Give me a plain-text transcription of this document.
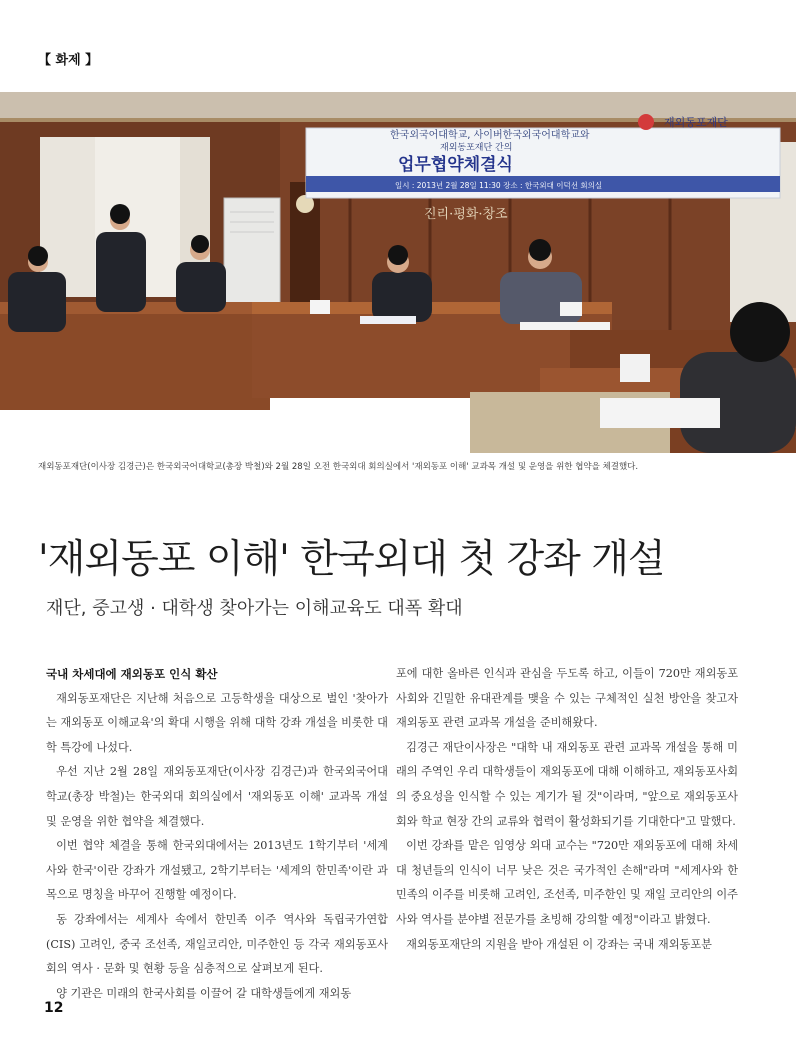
【 화제 】
한국외국어대학교, 사이버한국외국어대학교와
재외동포재단 간의
업무협약체결식
일시 : 2013년 2월 28일 11:30 장소 : 한국외대 이덕선 회의실
재외동포재단
진리·평화·창조
재외동포재단(이사장 김경근)은 한국외국어대학교(총장 박철)와 2월 28일 오전 한국외대 회의실에서 '재외동포 이해' 교과목 개설 및 운영을 위한 협약을 체결했다.
'재외동포 이해' 한국외대 첫 강좌 개설
재단, 중고생 · 대학생 찾아가는 이해교육도 대폭 확대

국내 차세대에 재외동포 인식 확산

재외동포재단은 지난해 처음으로 고등학생을 대상으로 벌인 '찾아가는 재외동포 이해교육'의 확대 시행을 위해 대학 강좌 개설을 비롯한 대학 특강에 나섰다.

우선 지난 2월 28일 재외동포재단(이사장 김경근)과 한국외국어대학교(총장 박철)는 한국외대 회의실에서 '재외동포 이해' 교과목 개설 및 운영을 위한 협약을 체결했다.

이번 협약 체결을 통해 한국외대에서는 2013년도 1학기부터 '세계사와 한국'이란 강좌가 개설됐고, 2학기부터는 '세계의 한민족'이란 과목으로 명칭을 바꾸어 진행할 예정이다.

동 강좌에서는 세계사 속에서 한민족 이주 역사와 독립국가연합(CIS) 고려인, 중국 조선족, 재일코리안, 미주한인 등 각국 재외동포사회의 역사 · 문화 및 현황 등을 심층적으로 살펴보게 된다.

양 기관은 미래의 한국사회를 이끌어 갈 대학생들에게 재외동

포에 대한 올바른 인식과 관심을 두도록 하고, 이들이 720만 재외동포사회와 긴밀한 유대관계를 맺을 수 있는 구체적인 실천 방안을 찾고자 재외동포 관련 교과목 개설을 준비해왔다.

김경근 재단이사장은 "대학 내 재외동포 관련 교과목 개설을 통해 미래의 주역인 우리 대학생들이 재외동포에 대해 이해하고, 재외동포사회의 중요성을 인식할 수 있는 계기가 될 것"이라며, "앞으로 재외동포사회와 학교 현장 간의 교류와 협력이 활성화되기를 기대한다"고 말했다.

이번 강좌를 맡은 임영상 외대 교수는 "720만 재외동포에 대해 차세대 청년들의 인식이 너무 낮은 것은 국가적인 손해"라며 "세계사와 한민족의 이주를 비롯해 고려인, 조선족, 미주한인 및 재일 코리안의 이주사와 역사를 분야별 전문가를 초빙해 강의할 예정"이라고 밝혔다.

재외동포재단의 지원을 받아 개설된 이 강좌는 국내 재외동포분

12
